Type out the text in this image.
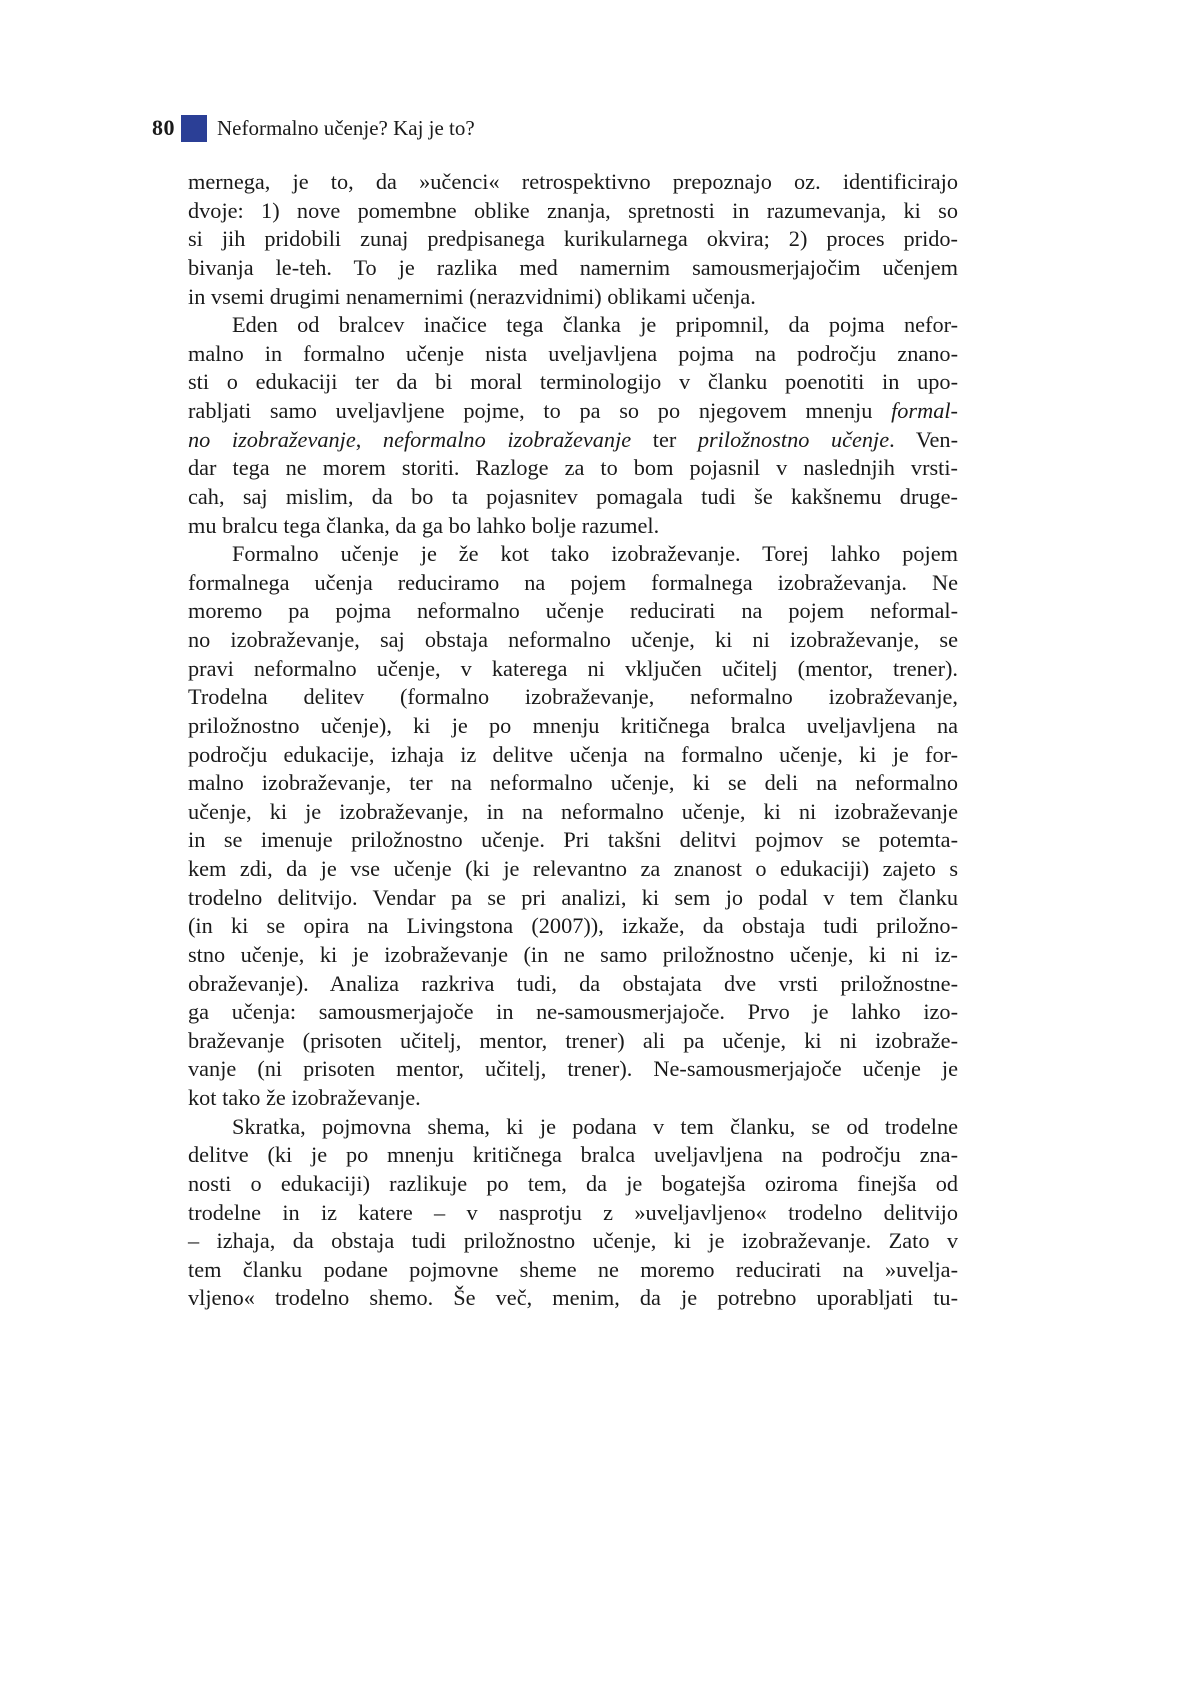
80 Neformalno učenje? Kaj je to?

mernega, je to, da »učenci« retrospektivno prepoznajo oz. identificirajo
dvoje: 1) nove pomembne oblike znanja, spretnosti in razumevanja, ki so
si jih pridobili zunaj predpisanega kurikularnega okvira; 2) proces prido-
bivanja le-teh. To je razlika med namernim samousmerjajočim učenjem
in vsemi drugimi nenamernimi (nerazvidnimi) oblikami učenja.

Eden od bralcev inačice tega članka je pripomnil, da pojma nefor-
malno in formalno učenje nista uveljavljena pojma na področju znano-
sti o edukaciji ter da bi moral terminologijo v članku poenotiti in upo-
rabljati samo uveljavljene pojme, to pa so po njegovem mnenju formal-
no izobraževanje, neformalno izobraževanje ter priložnostno učenje. Ven-
dar tega ne morem storiti. Razloge za to bom pojasnil v naslednjih vrsti-
cah, saj mislim, da bo ta pojasnitev pomagala tudi še kakšnemu druge-
mu bralcu tega članka, da ga bo lahko bolje razumel.

Formalno učenje je že kot tako izobraževanje. Torej lahko pojem
formalnega učenja reduciramo na pojem formalnega izobraževanja. Ne
moremo pa pojma neformalno učenje reducirati na pojem neformal-
no izobraževanje, saj obstaja neformalno učenje, ki ni izobraževanje, se
pravi neformalno učenje, v katerega ni vključen učitelj (mentor, trener).
Trodelna delitev (formalno izobraževanje, neformalno izobraževanje,
priložnostno učenje), ki je po mnenju kritičnega bralca uveljavljena na
področju edukacije, izhaja iz delitve učenja na formalno učenje, ki je for-
malno izobraževanje, ter na neformalno učenje, ki se deli na neformalno
učenje, ki je izobraževanje, in na neformalno učenje, ki ni izobraževanje
in se imenuje priložnostno učenje. Pri takšni delitvi pojmov se potemta-
kem zdi, da je vse učenje (ki je relevantno za znanost o edukaciji) zajeto s
trodelno delitvijo. Vendar pa se pri analizi, ki sem jo podal v tem članku
(in ki se opira na Livingstona (2007)), izkaže, da obstaja tudi priložno-
stno učenje, ki je izobraževanje (in ne samo priložnostno učenje, ki ni iz-
obraževanje). Analiza razkriva tudi, da obstajata dve vrsti priložnostne-
ga učenja: samousmerjajoče in ne-samousmerjajoče. Prvo je lahko izo-
braževanje (prisoten učitelj, mentor, trener) ali pa učenje, ki ni izobraže-
vanje (ni prisoten mentor, učitelj, trener). Ne-samousmerjajoče učenje je
kot tako že izobraževanje.

Skratka, pojmovna shema, ki je podana v tem članku, se od trodelne
delitve (ki je po mnenju kritičnega bralca uveljavljena na področju zna-
nosti o edukaciji) razlikuje po tem, da je bogatejša oziroma finejša od
trodelne in iz katere – v nasprotju z »uveljavljeno« trodelno delitvijo
– izhaja, da obstaja tudi priložnostno učenje, ki je izobraževanje. Zato v
tem članku podane pojmovne sheme ne moremo reducirati na »uvelja-
vljeno« trodelno shemo. Še več, menim, da je potrebno uporabljati tu-
